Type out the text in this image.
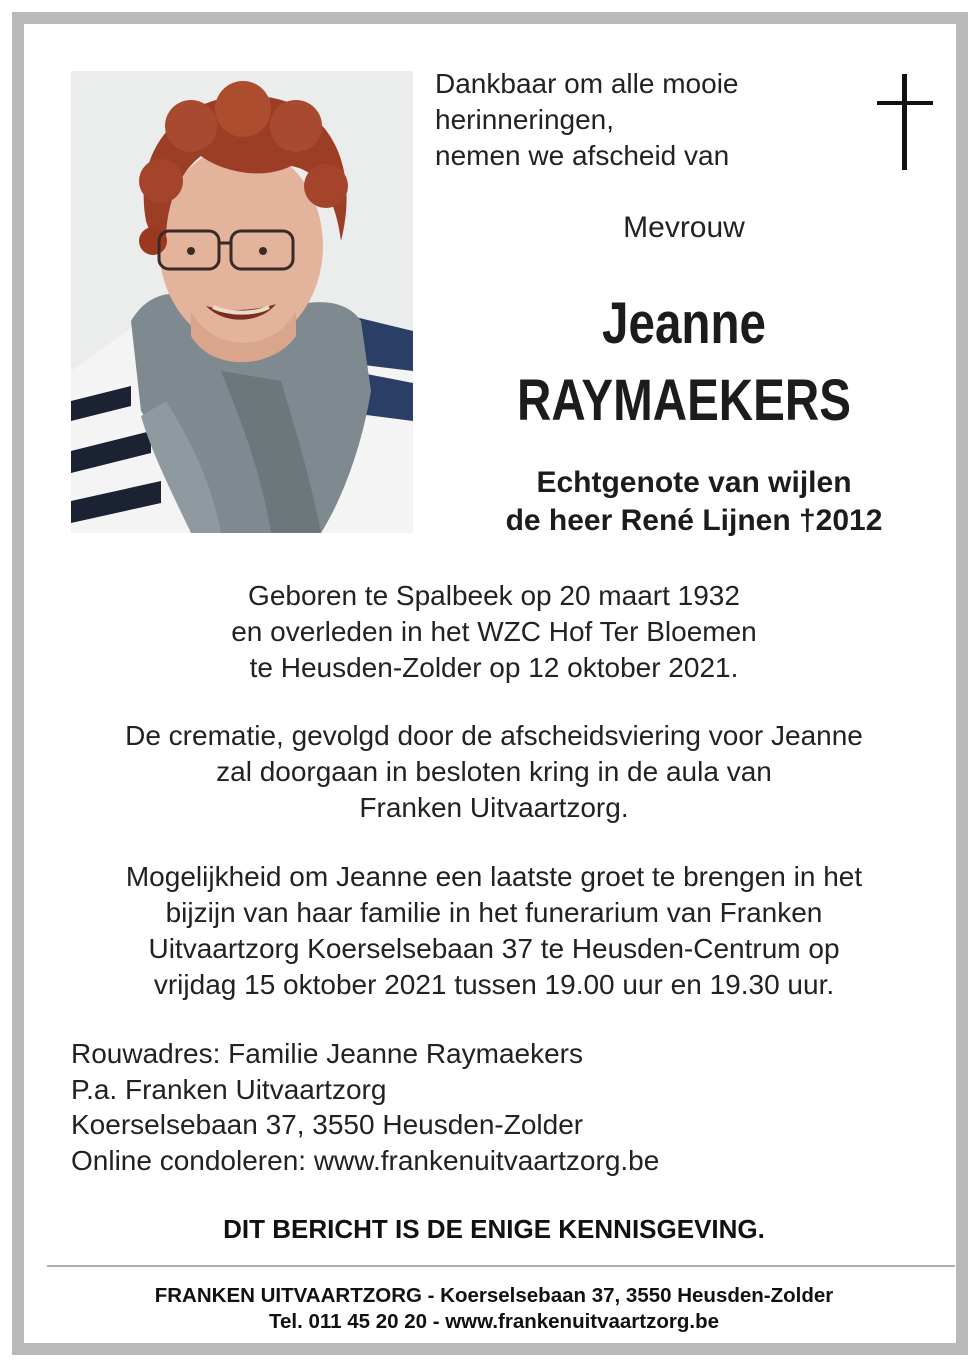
Dankbaar om alle mooie
herinneringen,
nemen we afscheid van
Mevrouw
Jeanne
RAYMAEKERS
Echtgenote van wijlen
de heer René Lijnen †2012
Geboren te Spalbeek op 20 maart 1932
en overleden in het WZC Hof Ter Bloemen
te Heusden-Zolder op 12 oktober 2021.
De crematie, gevolgd door de afscheidsviering voor Jeanne
zal doorgaan in besloten kring in de aula van
Franken Uitvaartzorg.
Mogelijkheid om Jeanne een laatste groet te brengen in het
bijzijn van haar familie in het funerarium van Franken
Uitvaartzorg Koerselsebaan 37 te Heusden-Centrum op
vrijdag 15 oktober 2021 tussen 19.00 uur en 19.30 uur.
Rouwadres: Familie Jeanne Raymaekers
P.a. Franken Uitvaartzorg
Koerselsebaan 37, 3550 Heusden-Zolder
Online condoleren: www.frankenuitvaartzorg.be
DIT BERICHT IS DE ENIGE KENNISGEVING.
FRANKEN UITVAARTZORG - Koerselsebaan 37, 3550 Heusden-Zolder
Tel. 011 45 20 20 - www.frankenuitvaartzorg.be
